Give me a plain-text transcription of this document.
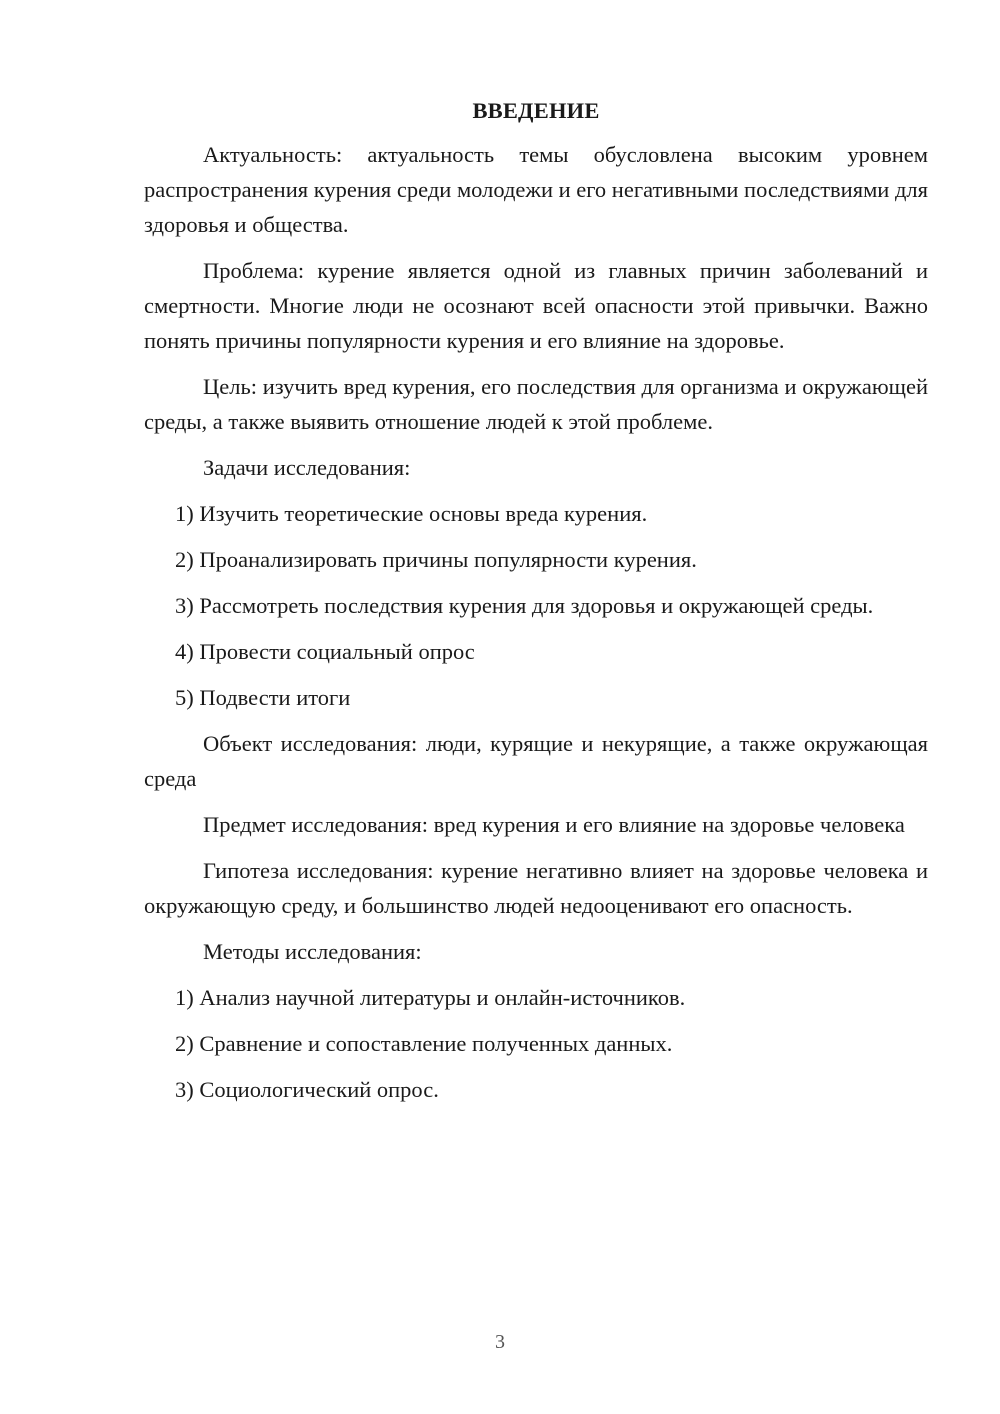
ВВЕДЕНИЕ

Актуальность: актуальность темы обусловлена высоким уровнем распространения курения среди молодежи и его негативными последствиями для здоровья и общества.

Проблема: курение является одной из главных причин заболеваний и смертности. Многие люди не осознают всей опасности этой привычки. Важно понять причины популярности курения и его влияние на здоровье.

Цель: изучить вред курения, его последствия для организма и окружающей среды, а также выявить отношение людей к этой проблеме.

Задачи исследования:

1) Изучить теоретические основы вреда курения.

2) Проанализировать причины популярности курения.

3) Рассмотреть последствия курения для здоровья и окружающей среды.

4) Провести социальный опрос

5) Подвести итоги

Объект исследования: люди, курящие и некурящие, а также окружающая среда

Предмет исследования: вред курения и его влияние на здоровье человека

Гипотеза исследования: курение негативно влияет на здоровье человека и окружающую среду, и большинство людей недооценивают его опасность.

Методы исследования:

1) Анализ научной литературы и онлайн-источников.

2) Сравнение и сопоставление полученных данных.

3) Социологический опрос.

3
